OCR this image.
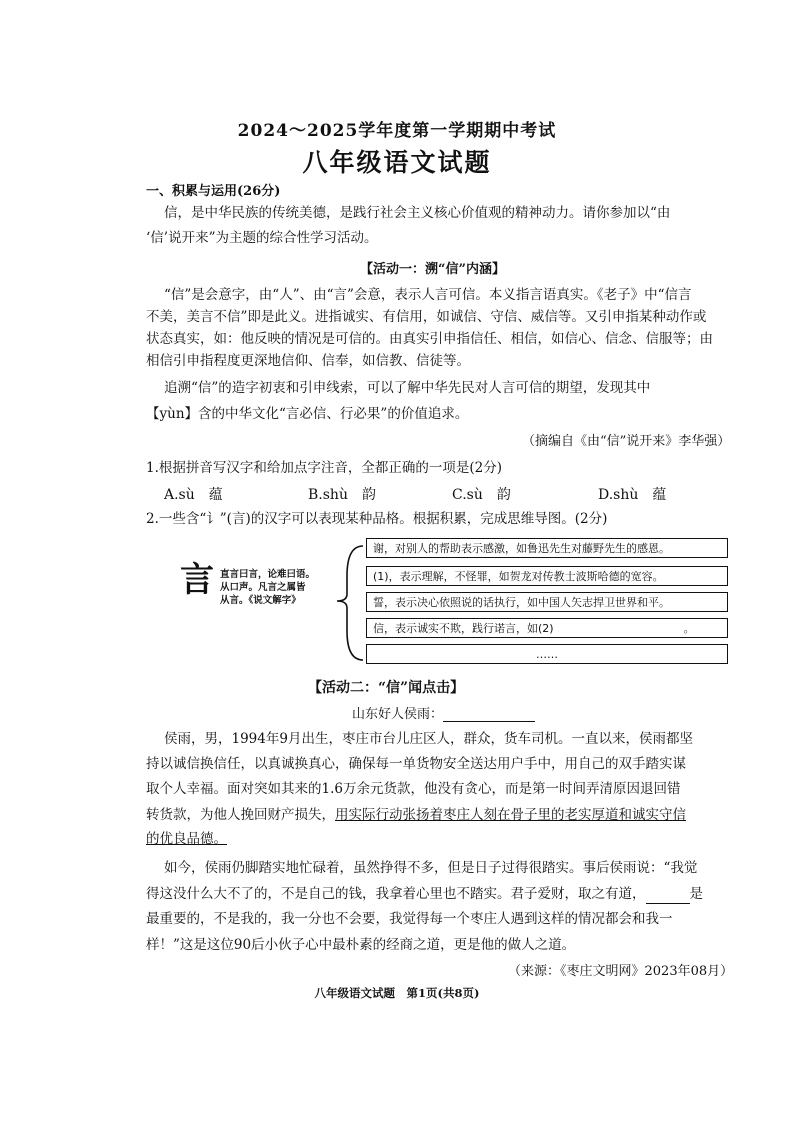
2024～2025学年度第一学期期中考试
八年级语文试题
一、积累与运用(26分)
信，是中华民族的传统美德，是践行社会主义核心价值观的精神动力。请你参加以“由
‘信’说开来”为主题的综合性学习活动。
【活动一：溯“信”内涵】
“信”是会意字，由“人”、由“言”会意，表示人言可信。本义指言语真实。《老子》中“信言
不美，美言不信”即是此义。进指诚实、有信用，如诚信、守信、威信等。又引申指某种动作或
状态真实，如：他反映的情况是可信的。由真实引申指信任、相信，如信心、信念、信服等；由
相信引申指程度更深地信仰、信奉，如信教、信徒等。
追溯“信”的造字初衷和引申线索，可以了解中华先民对人言可信的期望，发现其中
【yùn】含的中华文化“言必信、行必果”的价值追求。
（摘编自《由“信”说开来》李华强）
1.根据拼音写汉字和给加点字注音，全都正确的一项是(2分)
A.sù　蕴	B.shù　韵	C.sù　韵	D.shù　蕴
2.一些含“讠”(言)的汉字可以表现某种品格。根据积累，完成思维导图。(2分)
言 直言曰言，论难曰语。
从口声。凡言之属皆
从言。《说文解字》
谢，对别人的帮助表示感激，如鲁迅先生对藤野先生的感恩。
(1)，表示理解，不怪罪，如贺龙对传教士波斯哈德的宽容。
誓，表示决心依照说的话执行，如中国人矢志捍卫世界和平。
信，表示诚实不欺，践行诺言，如(2)	。
……
【活动二：“信”闻点击】
山东好人侯雨：
侯雨，男，1994年9月出生，枣庄市台儿庄区人，群众，货车司机。一直以来，侯雨都坚
持以诚信换信任，以真诚换真心，确保每一单货物安全送达用户手中，用自己的双手踏实谋
取个人幸福。面对突如其来的1.6万余元货款，他没有贪心，而是第一时间弄清原因退回错
转货款，为他人挽回财产损失，用实际行动张扬着枣庄人刻在骨子里的老实厚道和诚实守信
的优良品德。
如今，侯雨仍脚踏实地忙碌着，虽然挣得不多，但是日子过得很踏实。事后侯雨说：“我觉
得这没什么大不了的，不是自己的钱，我拿着心里也不踏实。君子爱财，取之有道，	是
最重要的，不是我的，我一分也不会要，我觉得每一个枣庄人遇到这样的情况都会和我一
样！”这是这位90后小伙子心中最朴素的经商之道，更是他的做人之道。
（来源：《枣庄文明网》2023年08月）
八年级语文试题　第1页(共8页)
